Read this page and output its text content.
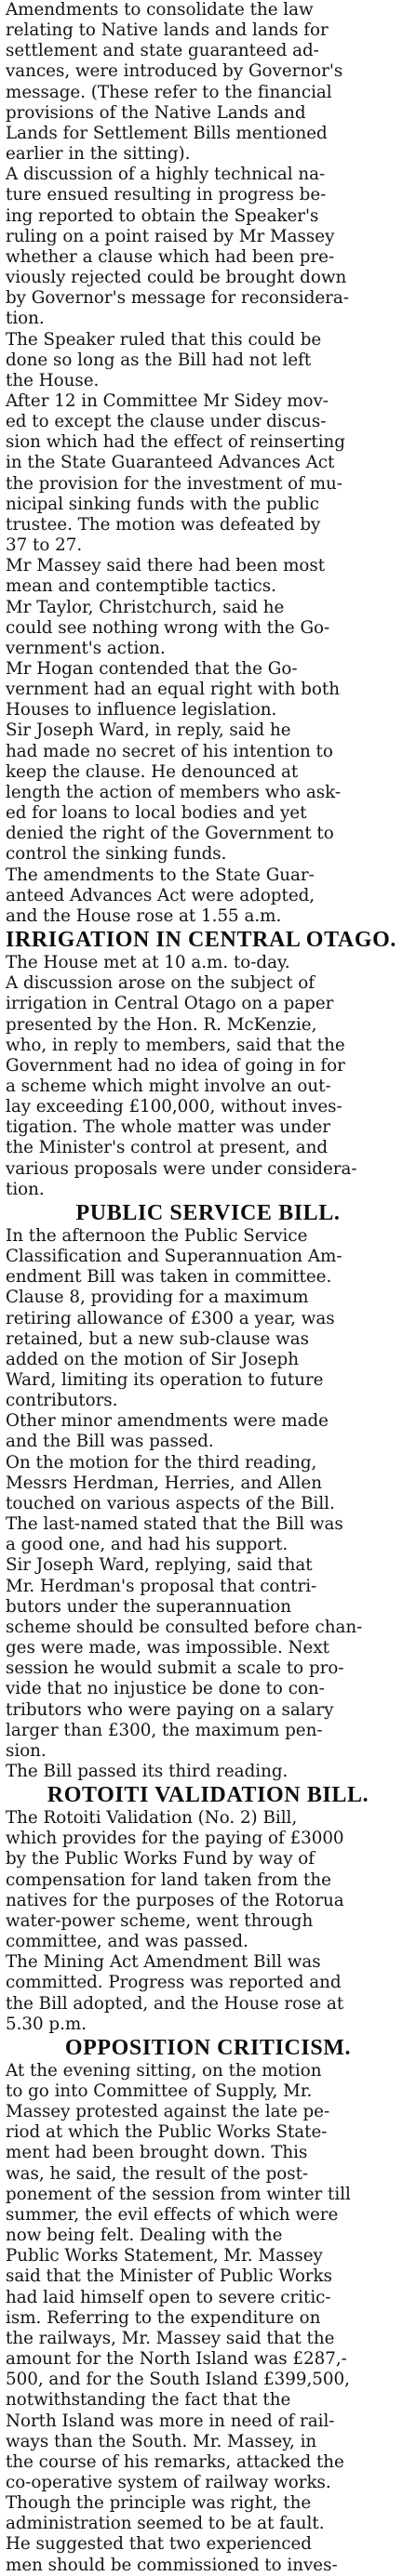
Amendments to consolidate the law
relating to Native lands and lands for
settlement and state guaranteed ad-
vances, were introduced by Governor's
message. (These refer to the financial
provisions of the Native Lands and
Lands for Settlement Bills mentioned
earlier in the sitting).

A discussion of a highly technical na-
ture ensued resulting in progress be-
ing reported to obtain the Speaker's
ruling on a point raised by Mr Massey
whether a clause which had been pre-
viously rejected could be brought down
by Governor's message for reconsidera-
tion.

The Speaker ruled that this could be
done so long as the Bill had not left
the House.

After 12 in Committee Mr Sidey mov-
ed to except the clause under discus-
sion which had the effect of reinserting
in the State Guaranteed Advances Act
the provision for the investment of mu-
nicipal sinking funds with the public
trustee. The motion was defeated by
37 to 27.

Mr Massey said there had been most
mean and contemptible tactics.

Mr Taylor, Christchurch, said he
could see nothing wrong with the Go-
vernment's action.

Mr Hogan contended that the Go-
vernment had an equal right with both
Houses to influence legislation.

Sir Joseph Ward, in reply, said he
had made no secret of his intention to
keep the clause. He denounced at
length the action of members who ask-
ed for loans to local bodies and yet
denied the right of the Government to
control the sinking funds.

The amendments to the State Guar-
anteed Advances Act were adopted,
and the House rose at 1.55 a.m.

IRRIGATION IN CENTRAL OTAGO.

The House met at 10 a.m. to-day.

A discussion arose on the subject of
irrigation in Central Otago on a paper
presented by the Hon. R. McKenzie,
who, in reply to members, said that the
Government had no idea of going in for
a scheme which might involve an out-
lay exceeding £100,000, without inves-
tigation. The whole matter was under
the Minister's control at present, and
various proposals were under considera-
tion.

PUBLIC SERVICE BILL.

In the afternoon the Public Service
Classification and Superannuation Am-
endment Bill was taken in committee.

Clause 8, providing for a maximum
retiring allowance of £300 a year, was
retained, but a new sub-clause was
added on the motion of Sir Joseph
Ward, limiting its operation to future
contributors.

Other minor amendments were made
and the Bill was passed.

On the motion for the third reading,
Messrs Herdman, Herries, and Allen
touched on various aspects of the Bill.
The last-named stated that the Bill was
a good one, and had his support.

Sir Joseph Ward, replying, said that
Mr. Herdman's proposal that contri-
butors under the superannuation
scheme should be consulted before chan-
ges were made, was impossible. Next
session he would submit a scale to pro-
vide that no injustice be done to con-
tributors who were paying on a salary
larger than £300, the maximum pen-
sion.

The Bill passed its third reading.

ROTOITI VALIDATION BILL.

The Rotoiti Validation (No. 2) Bill,
which provides for the paying of £3000
by the Public Works Fund by way of
compensation for land taken from the
natives for the purposes of the Rotorua
water-power scheme, went through
committee, and was passed.

The Mining Act Amendment Bill was
committed. Progress was reported and
the Bill adopted, and the House rose at
5.30 p.m.

OPPOSITION CRITICISM.

At the evening sitting, on the motion
to go into Committee of Supply, Mr.
Massey protested against the late pe-
riod at which the Public Works State-
ment had been brought down. This
was, he said, the result of the post-
ponement of the session from winter till
summer, the evil effects of which were
now being felt. Dealing with the
Public Works Statement, Mr. Massey
said that the Minister of Public Works
had laid himself open to severe critic-
ism. Referring to the expenditure on
the railways, Mr. Massey said that the
amount for the North Island was £287,-
500, and for the South Island £399,500,
notwithstanding the fact that the
North Island was more in need of rail-
ways than the South. Mr. Massey, in
the course of his remarks, attacked the
co-operative system of railway works.
Though the principle was right, the
administration seemed to be at fault.
He suggested that two experienced
men should be commissioned to inves-
